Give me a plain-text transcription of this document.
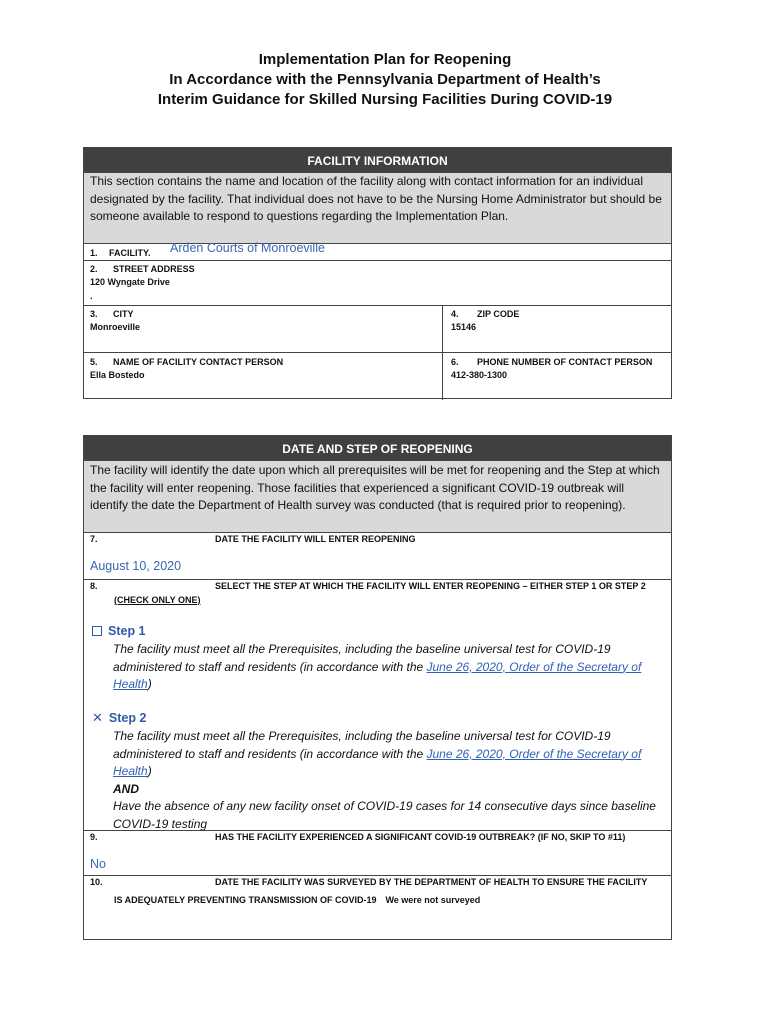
Implementation Plan for Reopening
In Accordance with the Pennsylvania Department of Health’s
Interim Guidance for Skilled Nursing Facilities During COVID-19
FACILITY INFORMATION
This section contains the name and location of the facility along with contact information for an individual designated by the facility. That individual does not have to be the Nursing Home Administrator but should be someone available to respond to questions regarding the Implementation Plan.
1. FACILITY. Arden Courts of Monroeville
2. STREET ADDRESS
120 Wyngate Drive
.
3. CITY
Monroeville
4. ZIP CODE
15146
5. NAME OF FACILITY CONTACT PERSON
Ella Bostedo
6. PHONE NUMBER OF CONTACT PERSON
412-380-1300
DATE AND STEP OF REOPENING
The facility will identify the date upon which all prerequisites will be met for reopening and the Step at which the facility will enter reopening. Those facilities that experienced a significant COVID-19 outbreak will identify the date the Department of Health survey was conducted (that is required prior to reopening).
7.	DATE THE FACILITY WILL ENTER REOPENING
August 10, 2020
8.	SELECT THE STEP AT WHICH THE FACILITY WILL ENTER REOPENING – EITHER STEP 1 OR STEP 2
(CHECK ONLY ONE)
Step 1
The facility must meet all the Prerequisites, including the baseline universal test for COVID-19 administered to staff and residents (in accordance with the June 26, 2020, Order of the Secretary of Health)
✕ Step 2
The facility must meet all the Prerequisites, including the baseline universal test for COVID-19 administered to staff and residents (in accordance with the June 26, 2020, Order of the Secretary of Health)
AND
Have the absence of any new facility onset of COVID-19 cases for 14 consecutive days since baseline COVID-19 testing
9.	HAS THE FACILITY EXPERIENCED A SIGNIFICANT COVID-19 OUTBREAK? (IF NO, SKIP TO #11)
No
10.	DATE THE FACILITY WAS SURVEYED BY THE DEPARTMENT OF HEALTH TO ENSURE THE FACILITY
IS ADEQUATELY PREVENTING TRANSMISSION OF COVID-19 We were not surveyed
